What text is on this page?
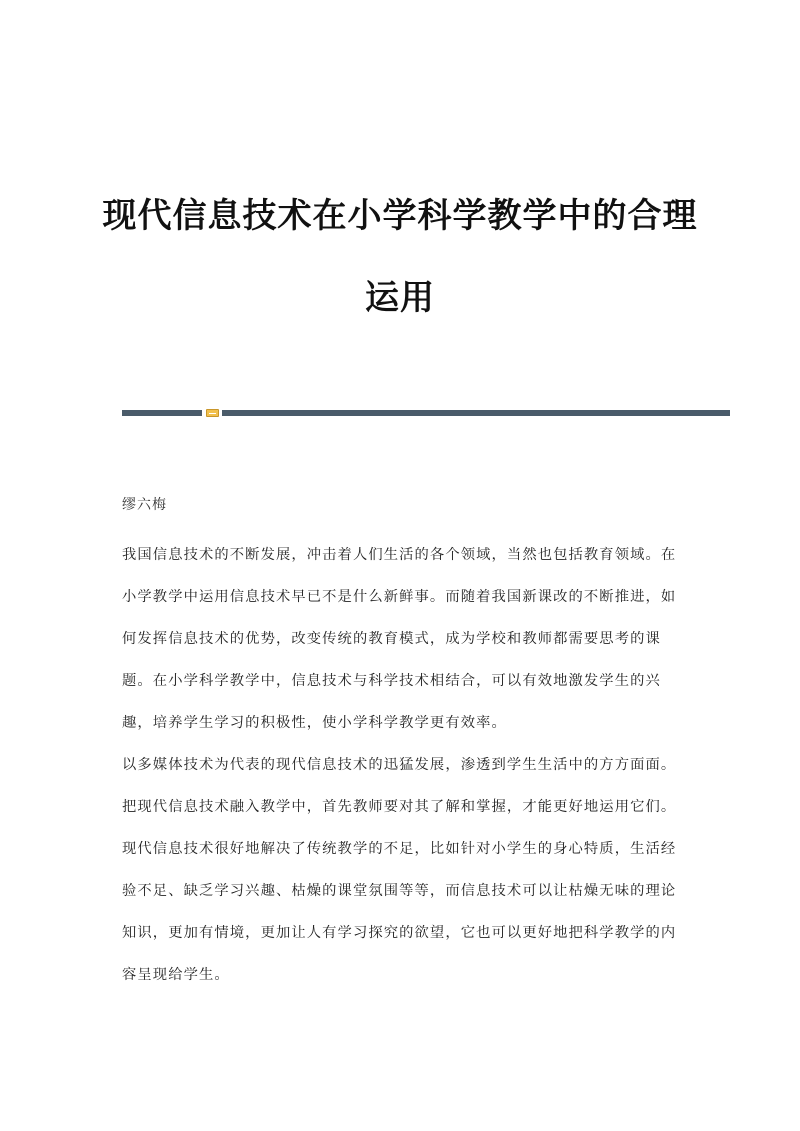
现代信息技术在小学科学教学中的合理
运用
缪六梅

我国信息技术的不断发展，冲击着人们生活的各个领域，当然也包括教育领域。在小学教学中运用信息技术早已不是什么新鲜事。而随着我国新课改的不断推进，如何发挥信息技术的优势，改变传统的教育模式，成为学校和教师都需要思考的课题。在小学科学教学中，信息技术与科学技术相结合，可以有效地激发学生的兴趣，培养学生学习的积极性，使小学科学教学更有效率。

以多媒体技术为代表的现代信息技术的迅猛发展，渗透到学生生活中的方方面面。把现代信息技术融入教学中，首先教师要对其了解和掌握，才能更好地运用它们。现代信息技术很好地解决了传统教学的不足，比如针对小学生的身心特质，生活经验不足、缺乏学习兴趣、枯燥的课堂氛围等等，而信息技术可以让枯燥无味的理论知识，更加有情境，更加让人有学习探究的欲望，它也可以更好地把科学教学的内容呈现给学生。
